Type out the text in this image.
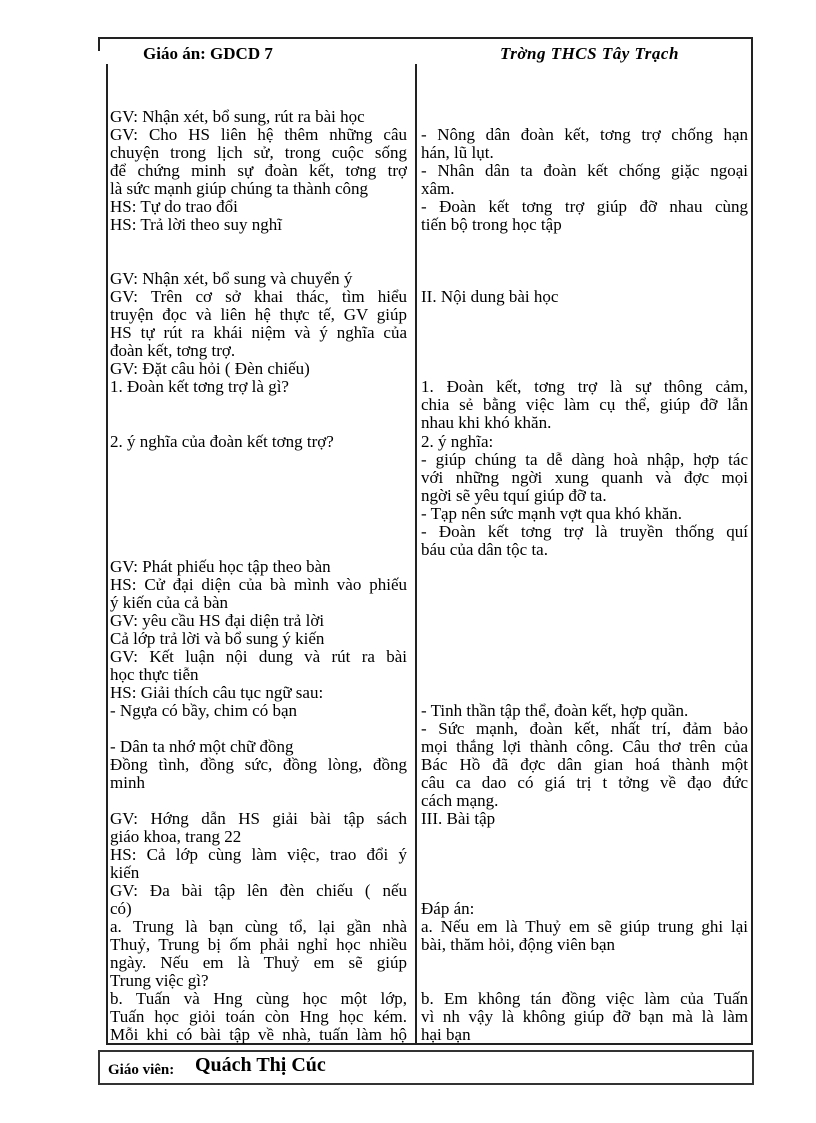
Giáo án: GDCD 7	Trờng THCS Tây Trạch
GV: Nhận xét, bổ sung, rút ra bài học
GV: Cho HS liên hệ thêm những câu
chuyện trong lịch sử, trong cuộc sống
để chứng minh sự đoàn kết, tơng trợ
là sức mạnh giúp chúng ta thành công
HS: Tự do trao đổi
HS: Trả lời theo suy nghĩ
GV: Nhận xét, bổ sung và chuyển ý
GV: Trên cơ sở khai thác, tìm hiểu
truyện đọc và liên hệ thực tế, GV giúp
HS tự rút ra khái niệm và ý nghĩa của
đoàn kết, tơng trợ.
GV: Đặt câu hỏi ( Đèn chiếu)
1. Đoàn kết tơng trợ là gì?
2. ý nghĩa của đoàn kết tơng trợ?
GV: Phát phiếu học tập theo bàn
HS: Cử đại diện của bà mình vào phiếu
ý kiến của cả bàn
GV: yêu cầu HS đại diện trả lời
Cả lớp trả lời và bổ sung ý kiến
GV: Kết luận nội dung và rút ra bài
học thực tiễn
HS: Giải thích câu tục ngữ sau:
- Ngựa có bầy, chim có bạn
- Dân ta nhớ một chữ đồng
Đồng tình, đồng sức, đồng lòng, đồng
minh
GV: Hớng dẫn HS giải bài tập sách
giáo khoa, trang 22
HS: Cả lớp cùng làm việc, trao đổi ý
kiến
GV: Đa bài tập lên đèn chiếu ( nếu
có)
a. Trung là bạn cùng tổ, lại gần nhà
Thuỷ, Trung bị ốm phải nghỉ học nhiều
ngày. Nếu em là Thuỷ em sẽ giúp
Trung việc gì?
b. Tuấn và Hng cùng học một lớp,
Tuấn học giỏi toán còn Hng học kém.
Mỗi khi có bài tập về nhà, tuấn làm hộ
- Nông dân đoàn kết, tơng trợ chống hạn
hán, lũ lụt.
- Nhân dân ta đoàn kết chống giặc ngoại
xâm.
- Đoàn kết tơng trợ giúp đỡ nhau cùng
tiến bộ trong học tập
II. Nội dung bài học
1. Đoàn kết, tơng trợ là sự thông cảm,
chia sẻ bằng việc làm cụ thể, giúp đỡ lẫn
nhau khi khó khăn.
2. ý nghĩa:
- giúp chúng ta dễ dàng hoà nhập, hợp tác
với những ngời xung quanh và đợc mọi
ngời sẽ yêu tquí giúp đỡ ta.
- Tạp nên sức mạnh vợt qua khó khăn.
- Đoàn kết tơng trợ là truyền thống quí
báu của dân tộc ta.
- Tinh thần tập thể, đoàn kết, hợp quần.
- Sức mạnh, đoàn kết, nhất trí, đảm bảo
mọi thắng lợi thành công. Câu thơ trên của
Bác Hồ đã đợc dân gian hoá thành một
câu ca dao có giá trị t tởng về đạo đức
cách mạng.
III. Bài tập
Đáp án:
a. Nếu em là Thuỷ em sẽ giúp trung ghi lại
bài, thăm hỏi, động viên bạn
b. Em không tán đồng việc làm của Tuấn
vì nh vậy là không giúp đỡ bạn mà là làm
hại bạn
Giáo viên: Quách Thị Cúc
